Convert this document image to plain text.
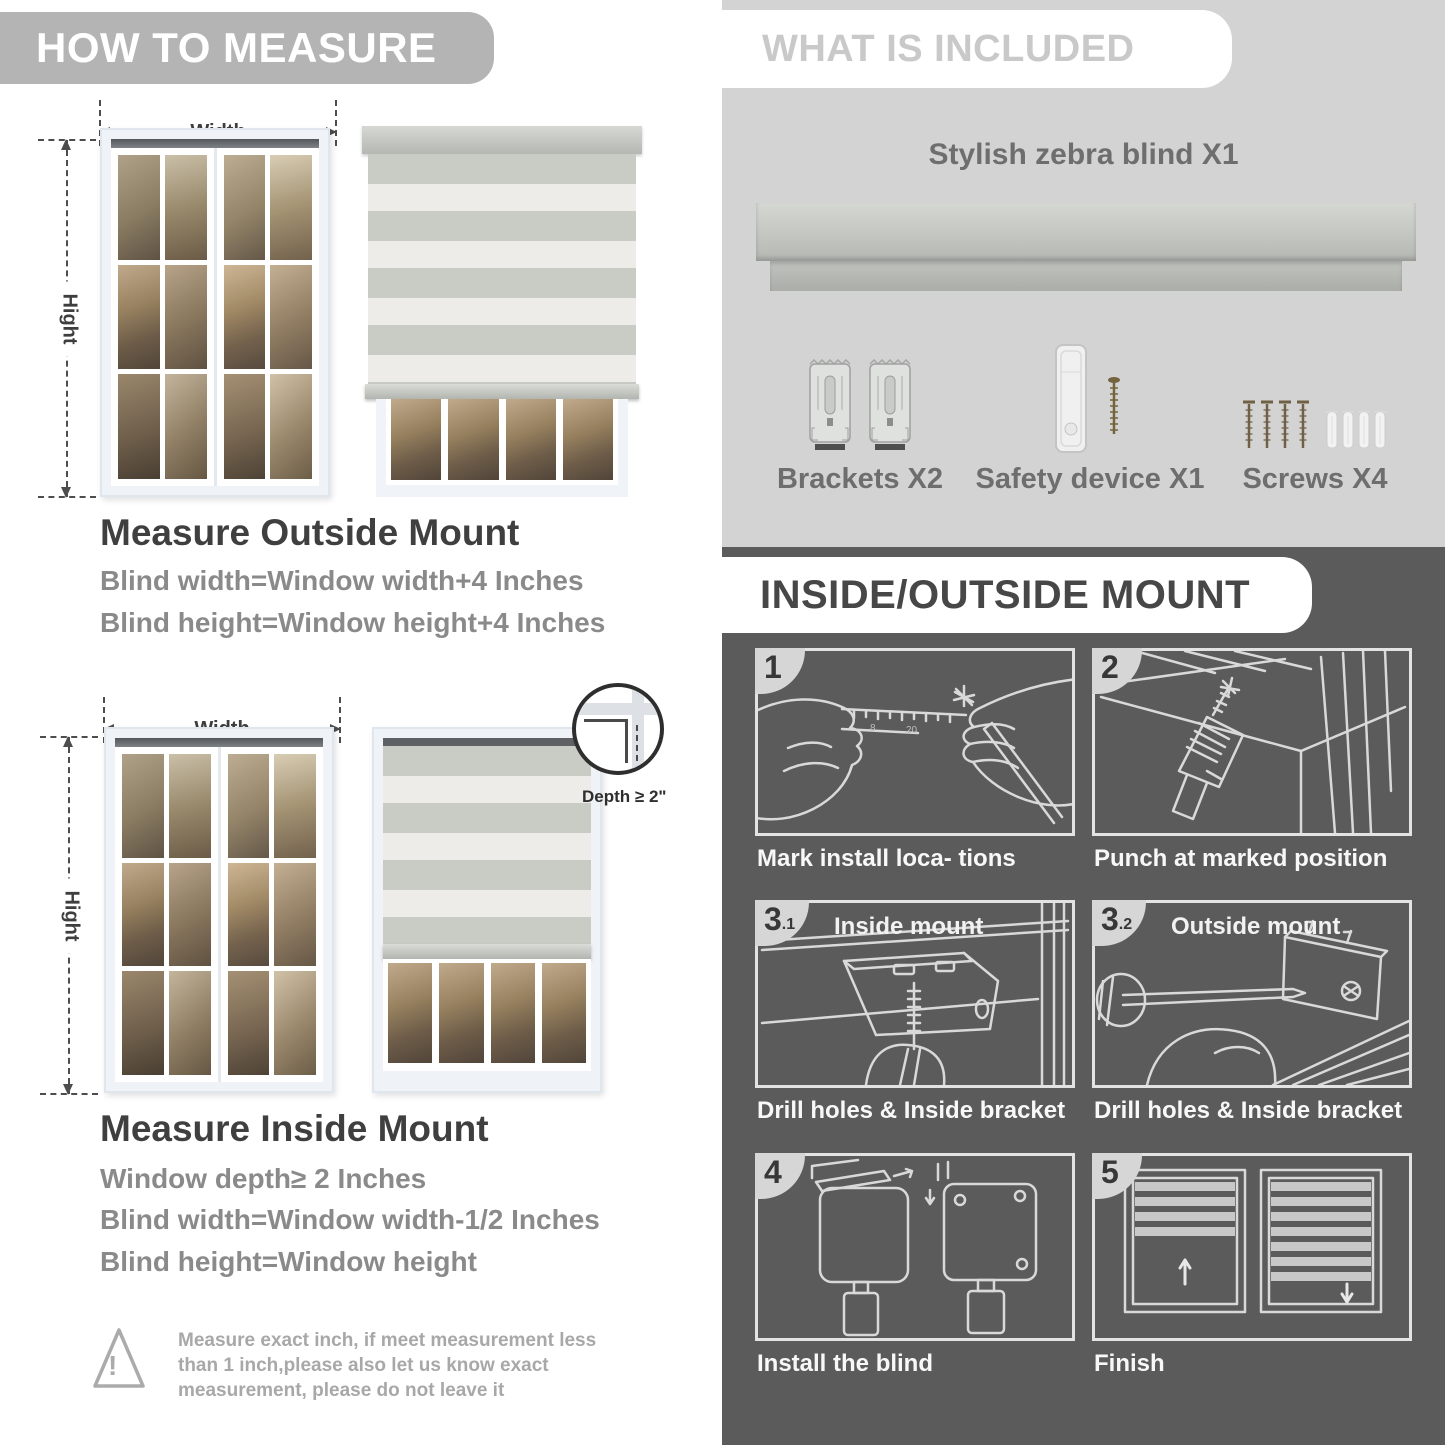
HOW TO MEASURE
Hight
Measure Outside Mount
Blind width=Window width+4 Inches
Blind height=Window height+4 Inches
Hight
Depth ≥ 2"
Measure Inside Mount
Window depth≥ 2 Inches
Blind width=Window width-1/2 Inches
Blind height=Window height
!
Measure exact inch, if meet measurement less
than 1 inch,please also let us know exact
measurement, please do not leave it
WHAT IS INCLUDED
Stylish zebra blind X1
Brackets X2	Safety device X1	Screws X4
INSIDE/OUTSIDE MOUNT
1
8	20
Mark install loca- tions
2
Punch at marked position
3 .1 Inside mount
Drill holes & Inside bracket
3 .2 Outside mount
Drill holes & Inside bracket
4
Install the blind
5
Finish
